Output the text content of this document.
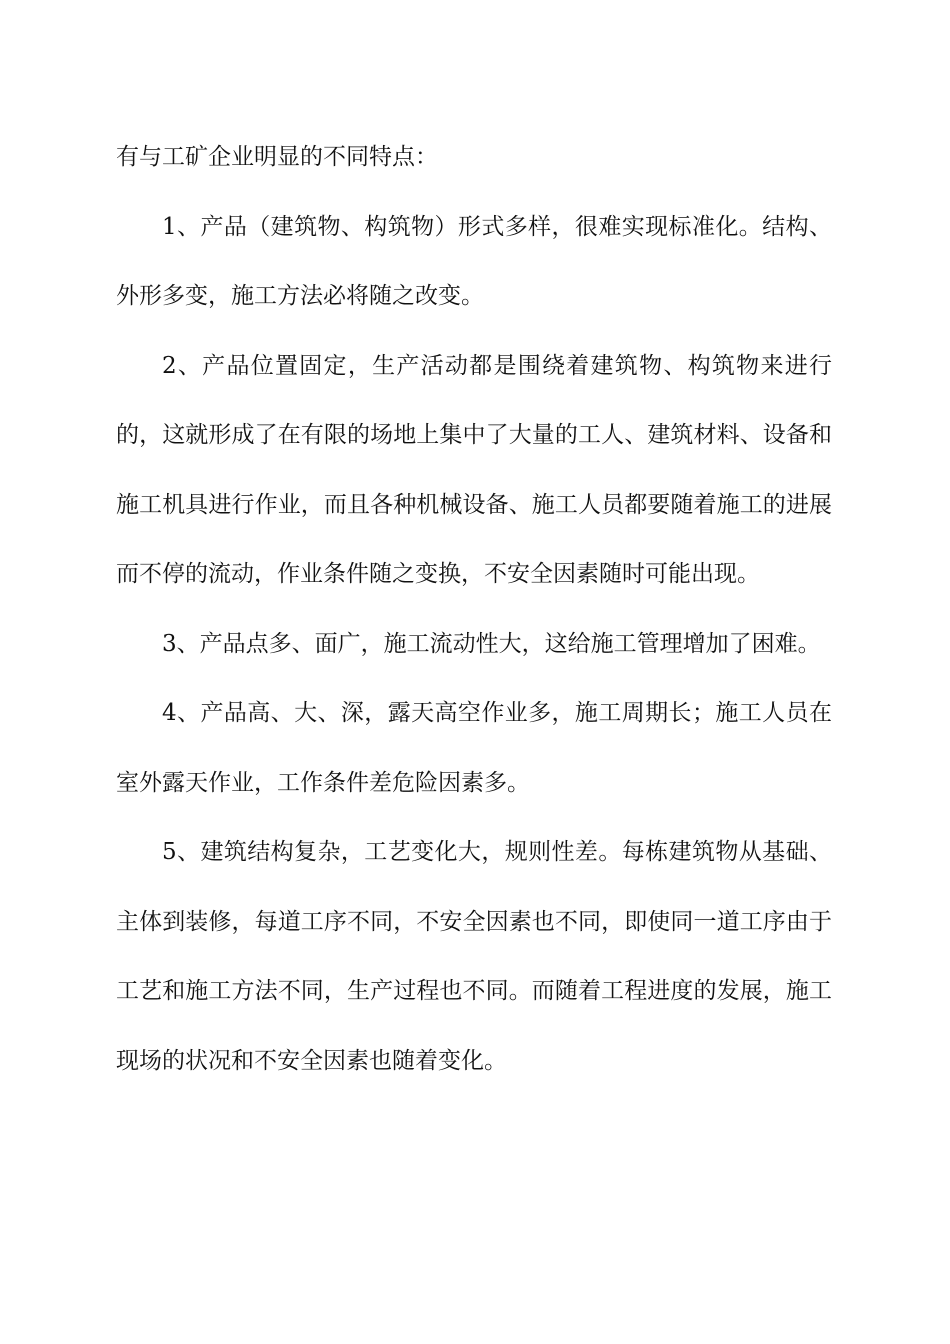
有与工矿企业明显的不同特点：

1、产品（建筑物、构筑物）形式多样，很难实现标准化。结构、外形多变，施工方法必将随之改变。

2、产品位置固定，生产活动都是围绕着建筑物、构筑物来进行的，这就形成了在有限的场地上集中了大量的工人、建筑材料、设备和施工机具进行作业，而且各种机械设备、施工人员都要随着施工的进展而不停的流动，作业条件随之变换，不安全因素随时可能出现。

3、产品点多、面广，施工流动性大，这给施工管理增加了困难。

4、产品高、大、深，露天高空作业多，施工周期长；施工人员在室外露天作业，工作条件差危险因素多。

5、建筑结构复杂，工艺变化大，规则性差。每栋建筑物从基础、主体到装修，每道工序不同，不安全因素也不同，即使同一道工序由于工艺和施工方法不同，生产过程也不同。而随着工程进度的发展，施工现场的状况和不安全因素也随着变化。
